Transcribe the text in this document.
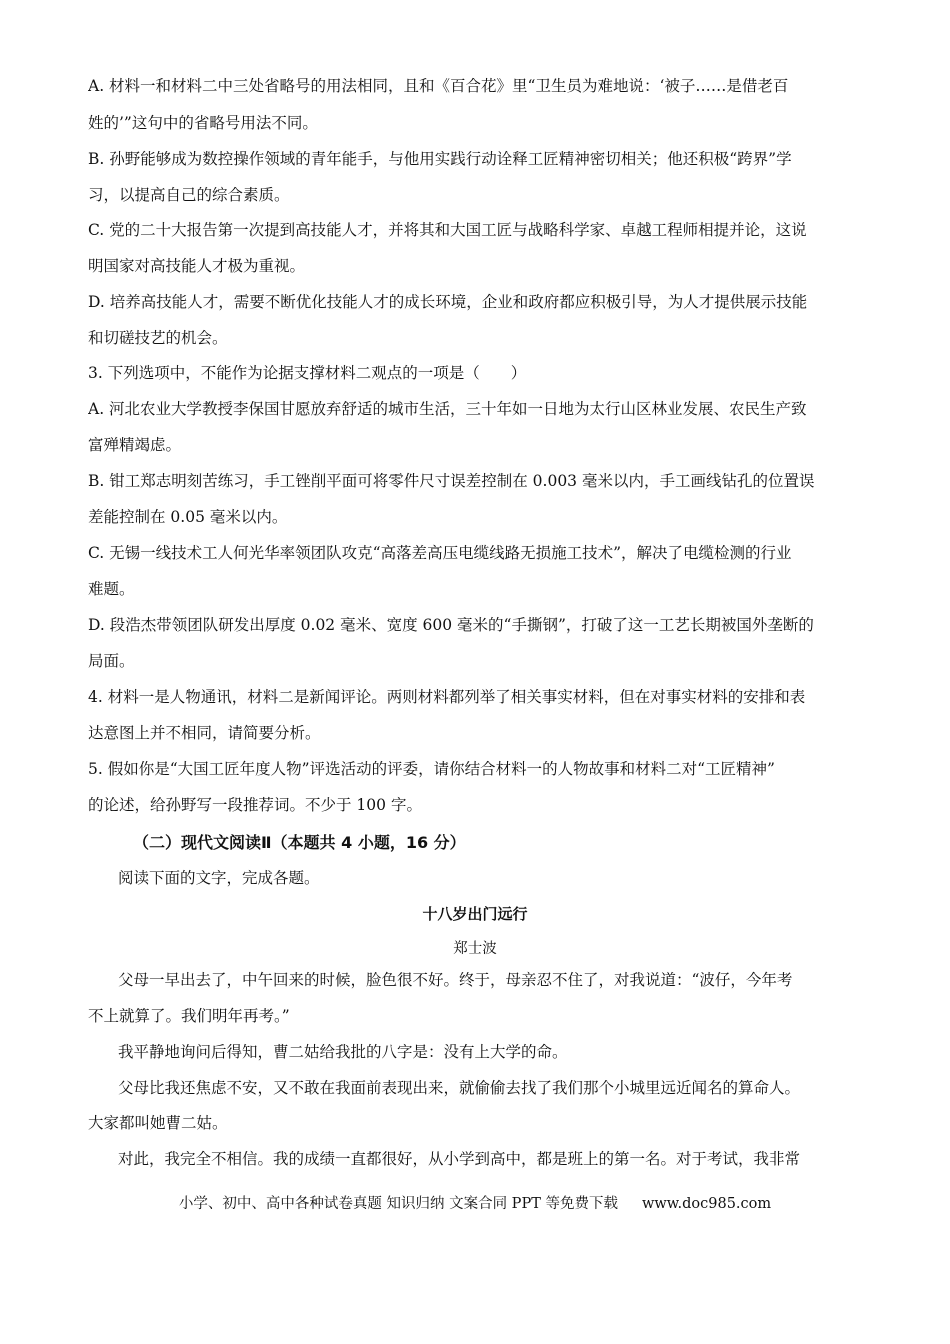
A. 材料一和材料二中三处省略号的用法相同，且和《百合花》里“卫生员为难地说：‘被子……是借老百
姓的’”这句中的省略号用法不同。
B. 孙野能够成为数控操作领域的青年能手，与他用实践行动诠释工匠精神密切相关；他还积极“跨界”学
习，以提高自己的综合素质。
C. 党的二十大报告第一次提到高技能人才，并将其和大国工匠与战略科学家、卓越工程师相提并论，这说
明国家对高技能人才极为重视。
D. 培养高技能人才，需要不断优化技能人才的成长环境，企业和政府都应积极引导，为人才提供展示技能
和切磋技艺的机会。
3. 下列选项中，不能作为论据支撑材料二观点的一项是（　　）
A. 河北农业大学教授李保国甘愿放弃舒适的城市生活，三十年如一日地为太行山区林业发展、农民生产致
富殚精竭虑。
B. 钳工郑志明刻苦练习，手工锉削平面可将零件尺寸误差控制在 0.003 毫米以内，手工画线钻孔的位置误
差能控制在 0.05 毫米以内。
C. 无锡一线技术工人何光华率领团队攻克“高落差高压电缆线路无损施工技术”，解决了电缆检测的行业
难题。
D. 段浩杰带领团队研发出厚度 0.02 毫米、宽度 600 毫米的“手撕钢”，打破了这一工艺长期被国外垄断的
局面。
4. 材料一是人物通讯，材料二是新闻评论。两则材料都列举了相关事实材料，但在对事实材料的安排和表
达意图上并不相同，请简要分析。
5. 假如你是“大国工匠年度人物”评选活动的评委，请你结合材料一的人物故事和材料二对“工匠精神”
的论述，给孙野写一段推荐词。不少于 100 字。
（二）现代文阅读Ⅱ（本题共 4 小题，16 分）
阅读下面的文字，完成各题。
十八岁出门远行
郑士波
父母一早出去了，中午回来的时候，脸色很不好。终于，母亲忍不住了，对我说道：“波仔，今年考
不上就算了。我们明年再考。”
我平静地询问后得知，曹二姑给我批的八字是：没有上大学的命。
父母比我还焦虑不安，又不敢在我面前表现出来，就偷偷去找了我们那个小城里远近闻名的算命人。
大家都叫她曹二姑。
对此，我完全不相信。我的成绩一直都很好，从小学到高中，都是班上的第一名。对于考试，我非常
小学、初中、高中各种试卷真题 知识归纳 文案合同 PPT 等免费下载 www.doc985.com
